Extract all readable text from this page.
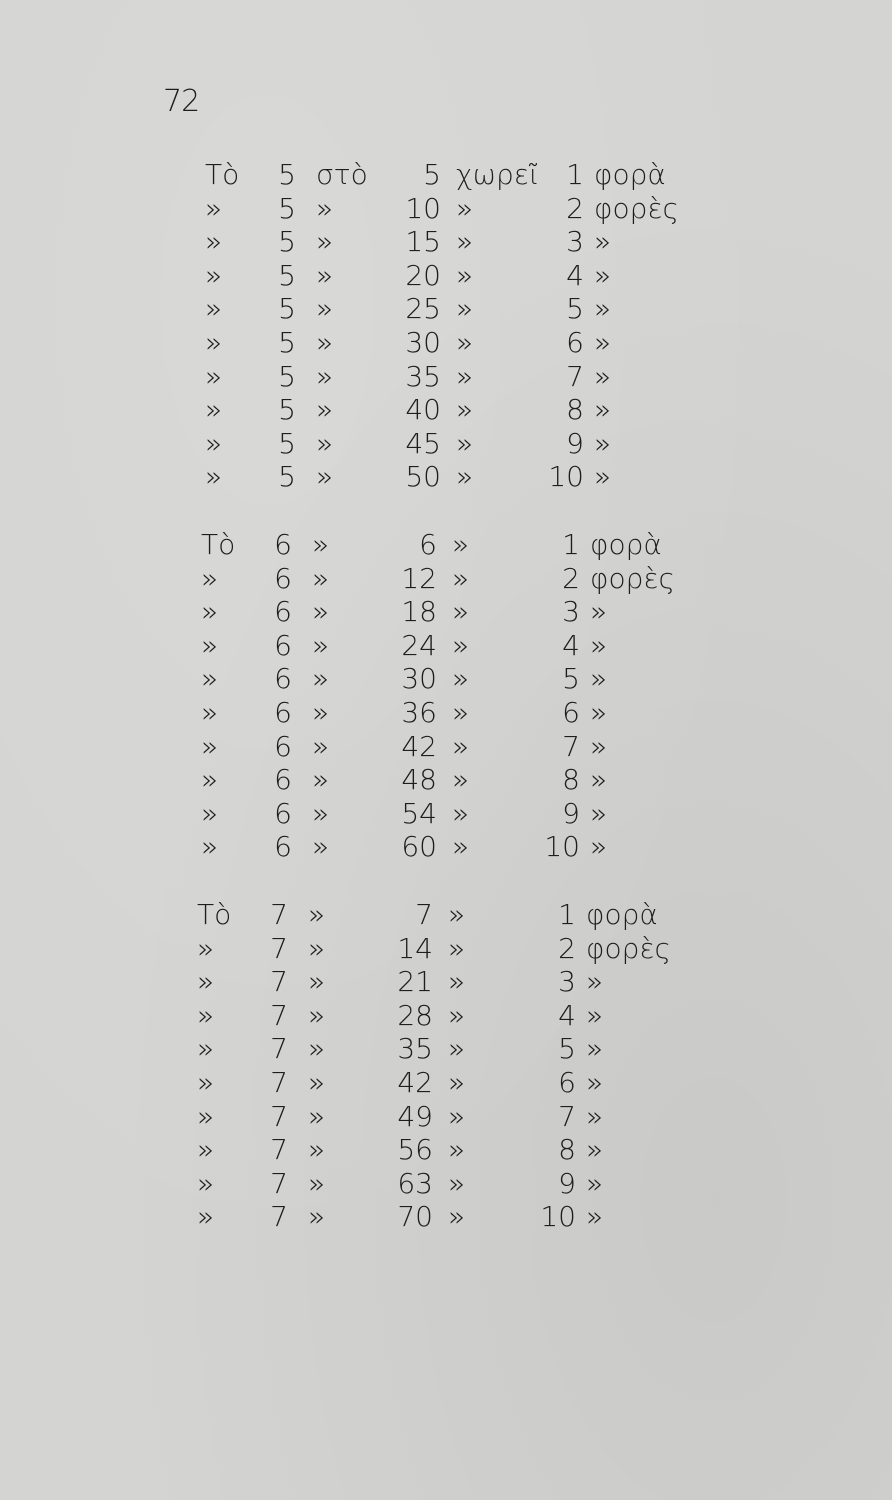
72
Τὸ	5 στὸ	5 χωρεῖ 1 φορὰ
»	5 »	10 »	2 φορὲς
»	5 »	15 »	3 »
»	5 »	20 »	4 »
»	5 »	25 »	5 »
»	5 »	30 »	6 »
»	5 »	35 »	7 »
»	5 »	40 »	8 »
»	5 »	45 »	9 »
»	5 »	50 »	10 »
Τὸ	6 »	6 »	1 φορὰ
»	6 »	12 »	2 φορὲς
»	6 »	18 »	3 »
»	6 »	24 »	4 »
»	6 »	30 »	5 »
»	6 »	36 »	6 »
»	6 »	42 »	7 »
»	6 »	48 »	8 »
»	6 »	54 »	9 »
»	6 »	60 »	10 »
Τὸ	7 »	7 »	1 φορὰ
»	7 »	14 »	2 φορὲς
»	7 »	21 »	3 »
»	7 »	28 »	4 »
»	7 »	35 »	5 »
»	7 »	42 »	6 »
»	7 »	49 »	7 »
»	7 »	56 »	8 »
»	7 »	63 »	9 »
»	7 »	70 »	10 »
